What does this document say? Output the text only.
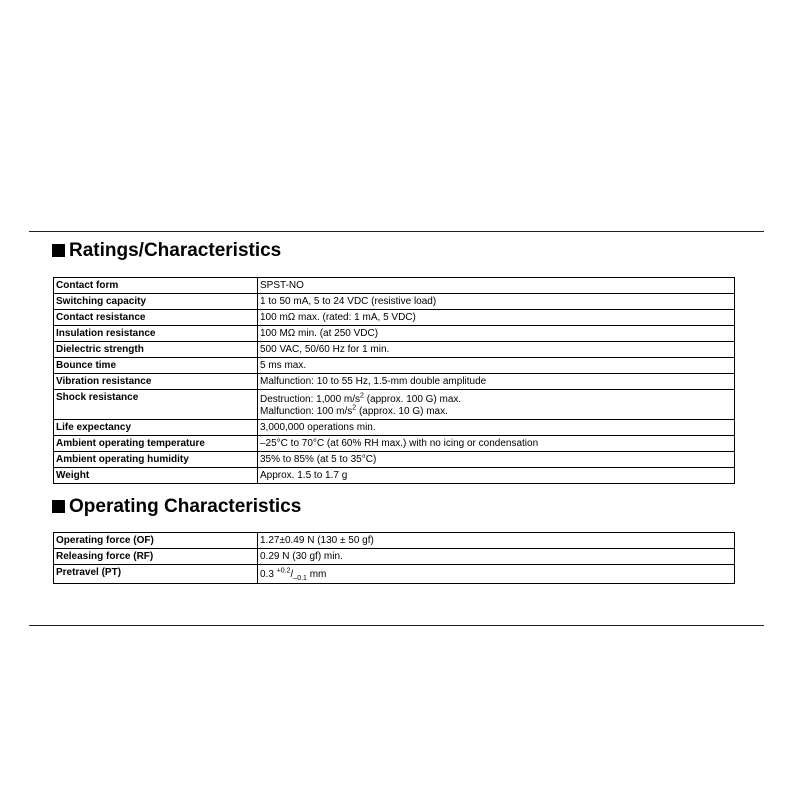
Ratings/Characteristics
Contact form	SPST-NO
Switching capacity	1 to 50 mA, 5 to 24 VDC (resistive load)
Contact resistance	100 mΩ max. (rated: 1 mA, 5 VDC)
Insulation resistance	100 MΩ min. (at 250 VDC)
Dielectric strength	500 VAC, 50/60 Hz for 1 min.
Bounce time	5 ms max.
Vibration resistance	Malfunction: 10 to 55 Hz, 1.5-mm double amplitude
Shock resistance	Destruction: 1,000 $m/s^2$ (approx. 100 G) max.
Malfunction: 100 $m/s^2$ (approx. 10 G) max.

Life expectancy	3,000,000 operations min.
Ambient operating temperature	–25°C to 70°C (at 60% RH max.) with no icing or condensation
Ambient operating humidity	35% to 85% (at 5 to 35°C)
Weight	Approx. 1.5 to 1.7 g
Operating Characteristics
Operating force (OF)	1.27±0.49 N (130 ± 50 gf)
Releasing force (RF)	0.29 N (30 gf) min.
Pretravel (PT)	0.3 $^{+0.2}/_{-0.1}$ mm
